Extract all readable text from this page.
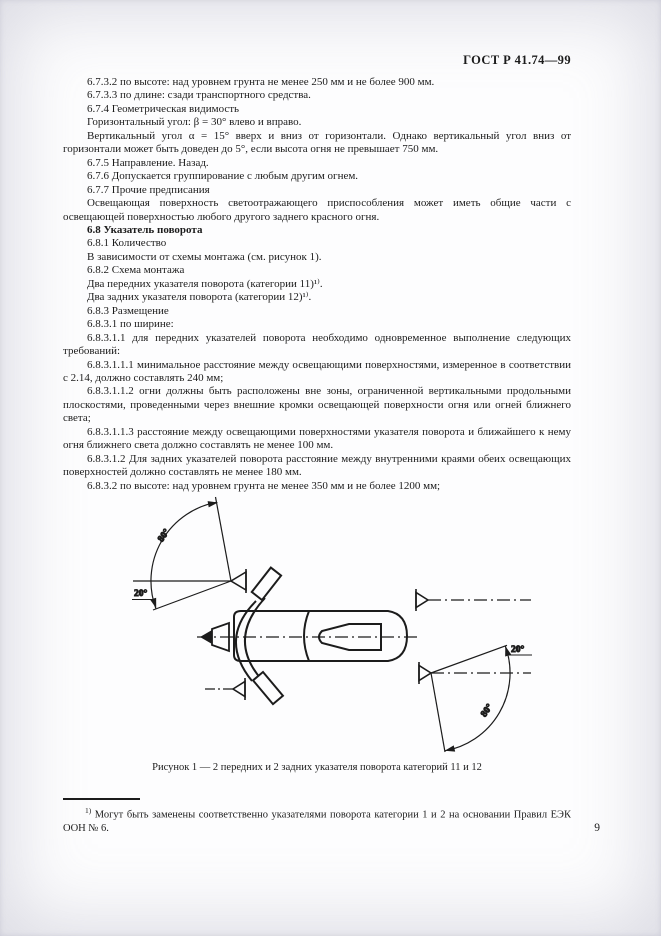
ГОСТ Р 41.74—99

6.7.3.2 по высоте: над уровнем грунта не менее 250 мм и не более 900 мм.

6.7.3.3 по длине: сзади транспортного средства.

6.7.4 Геометрическая видимость

Горизонтальный угол: β = 30° влево и вправо.

Вертикальный угол α = 15° вверх и вниз от горизонтали. Однако вертикальный угол вниз от горизонтали может быть доведен до 5°, если высота огня не превышает 750 мм.

6.7.5 Направление. Назад.

6.7.6 Допускается группирование с любым другим огнем.

6.7.7 Прочие предписания

Освещающая поверхность светоотражающего приспособления может иметь общие части с освещающей поверхностью любого другого заднего красного огня.

6.8 Указатель поворота

6.8.1 Количество

В зависимости от схемы монтажа (см. рисунок 1).

6.8.2 Схема монтажа

Два передних указателя поворота (категории 11)¹⁾.

Два задних указателя поворота (категории 12)¹⁾.

6.8.3 Размещение

6.8.3.1 по ширине:

6.8.3.1.1 для передних указателей поворота необходимо одновременное выполнение следующих требований:

6.8.3.1.1.1 минимальное расстояние между освещающими поверхностями, измеренное в соответствии с 2.14, должно составлять 240 мм;

6.8.3.1.1.2 огни должны быть расположены вне зоны, ограниченной вертикальными продольными плоскостями, проведенными через внешние кромки освещающей поверхности огня или огней ближнего света;

6.8.3.1.1.3 расстояние между освещающими поверхностями указателя поворота и ближайшего к нему огня ближнего света должно составлять не менее 100 мм.

6.8.3.1.2 Для задних указателей поворота расстояние между внутренними краями обеих освещающих поверхностей должно составлять не менее 180 мм.

6.8.3.2 по высоте: над уровнем грунта не менее 350 мм и не более 1200 мм;

80°
20°
20°
80°
Рисунок 1 — 2 передних и 2 задних указателя поворота категорий 11 и 12
$^{1)}$ Могут быть заменены соответственно указателями поворота категории 1 и 2 на основании Правил ЕЭК ООН № 6.	9
